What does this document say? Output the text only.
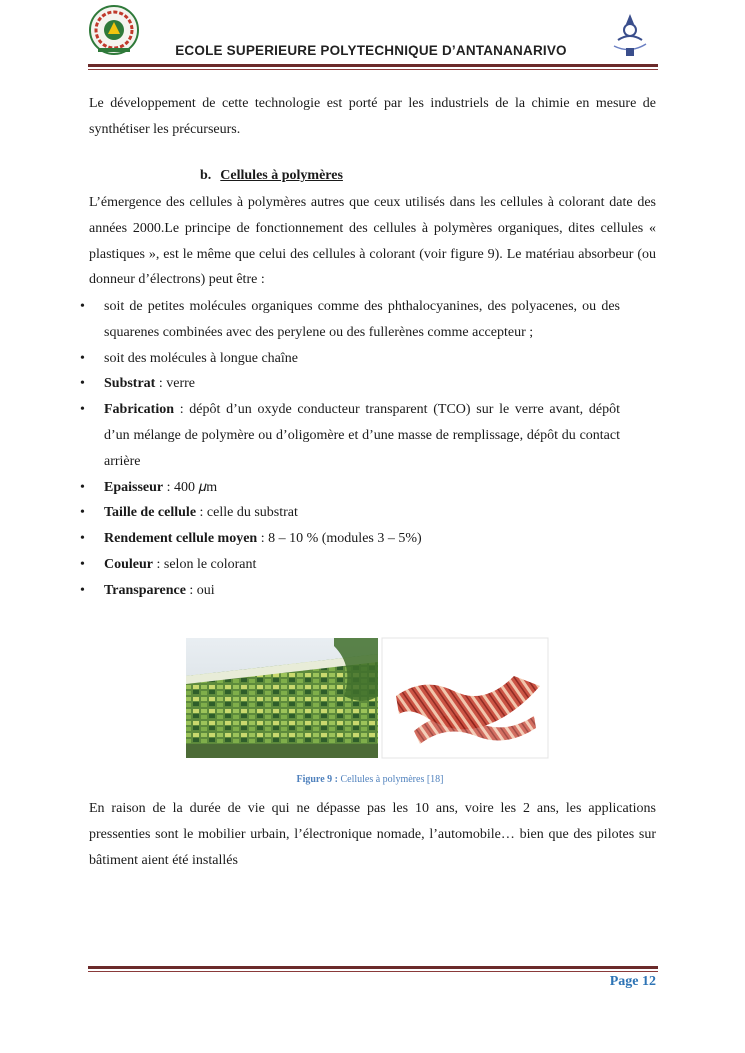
ECOLE SUPERIEURE POLYTECHNIQUE D’ANTANANARIVO
Le développement de cette technologie est porté par les industriels de la chimie en mesure de synthétiser les précurseurs.
b. Cellules à polymères
L’émergence des cellules à polymères autres que ceux utilisés dans les cellules à colorant date des années 2000.Le principe de fonctionnement des cellules à polymères organiques, dites cellules « plastiques », est le même que celui des cellules à colorant (voir figure 9). Le matériau absorbeur (ou donneur d’électrons) peut être :
•	soit de petites molécules organiques comme des phthalocyanines, des polyacenes, ou des squarenes combinées avec des perylene ou des fullerènes comme accepteur ;
•	soit des molécules à longue chaîne
•	Substrat : verre
•	Fabrication : dépôt d’un oxyde conducteur transparent (TCO) sur le verre avant, dépôt d’un mélange de polymère ou d’oligomère et d’une masse de remplissage, dépôt du contact arrière
•	Epaisseur : 400 𝜇m
•	Taille de cellule : celle du substrat
•	Rendement cellule moyen : 8 – 10 % (modules 3 – 5%)
•	Couleur : selon le colorant
•	Transparence : oui
Figure 9 : Cellules à polymères [18]
En raison de la durée de vie qui ne dépasse pas les 10 ans, voire les 2 ans, les applications pressenties sont le mobilier urbain, l’électronique nomade, l’automobile… bien que des pilotes sur bâtiment aient été installés
Page 12
